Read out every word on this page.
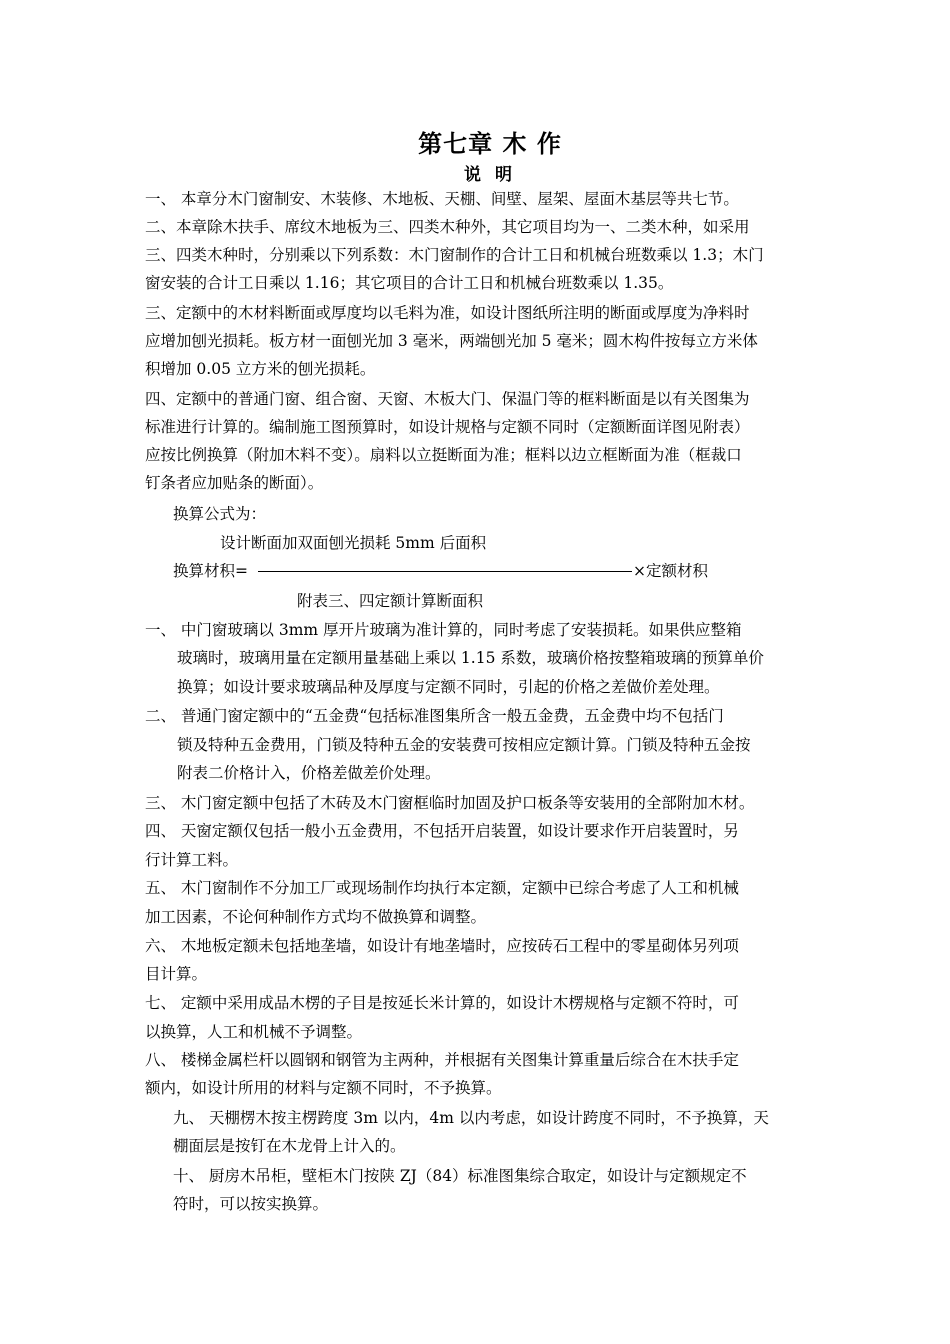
第七章 木 作
说 明
一、 本章分木门窗制安、木装修、木地板、天棚、间壁、屋架、屋面木基层等共七节。
二、本章除木扶手、席纹木地板为三、四类木种外，其它项目均为一、二类木种，如采用
三、四类木种时，分别乘以下列系数：木门窗制作的合计工日和机械台班数乘以 1.3；木门
窗安装的合计工日乘以 1.16；其它项目的合计工日和机械台班数乘以 1.35。
三、定额中的木材料断面或厚度均以毛料为准，如设计图纸所注明的断面或厚度为净料时
应增加刨光损耗。板方材一面刨光加 3 毫米，两端刨光加 5 毫米；圆木构件按每立方米体
积增加 0.05 立方米的刨光损耗。
四、定额中的普通门窗、组合窗、天窗、木板大门、保温门等的框料断面是以有关图集为
标准进行计算的。编制施工图预算时，如设计规格与定额不同时（定额断面详图见附表）
应按比例换算（附加木料不变）。扇料以立挺断面为准；框料以边立框断面为准（框裁口
钉条者应加贴条的断面）。
换算公式为：
设计断面加双面刨光损耗 5mm 后面积
换算材积=	×定额材积
附表三、四定额计算断面积
一、 中门窗玻璃以 3mm 厚开片玻璃为准计算的，同时考虑了安装损耗。如果供应整箱
玻璃时，玻璃用量在定额用量基础上乘以 1.15 系数，玻璃价格按整箱玻璃的预算单价
换算；如设计要求玻璃品种及厚度与定额不同时，引起的价格之差做价差处理。
二、 普通门窗定额中的“五金费“包括标准图集所含一般五金费，五金费中均不包括门
锁及特种五金费用，门锁及特种五金的安装费可按相应定额计算。门锁及特种五金按
附表二价格计入，价格差做差价处理。
三、 木门窗定额中包括了木砖及木门窗框临时加固及护口板条等安装用的全部附加木材。
四、 天窗定额仅包括一般小五金费用，不包括开启装置，如设计要求作开启装置时，另
行计算工料。
五、 木门窗制作不分加工厂或现场制作均执行本定额，定额中已综合考虑了人工和机械
加工因素，不论何种制作方式均不做换算和调整。
六、 木地板定额未包括地垄墙，如设计有地垄墙时，应按砖石工程中的零星砌体另列项
目计算。
七、 定额中采用成品木楞的子目是按延长米计算的，如设计木楞规格与定额不符时，可
以换算，人工和机械不予调整。
八、 楼梯金属栏杆以圆钢和钢管为主两种，并根据有关图集计算重量后综合在木扶手定
额内，如设计所用的材料与定额不同时，不予换算。
九、 天棚楞木按主楞跨度 3m 以内，4m 以内考虑，如设计跨度不同时，不予换算，天
棚面层是按钉在木龙骨上计入的。
十、 厨房木吊柜，壁柜木门按陕 ZJ（84）标准图集综合取定，如设计与定额规定不
符时，可以按实换算。
